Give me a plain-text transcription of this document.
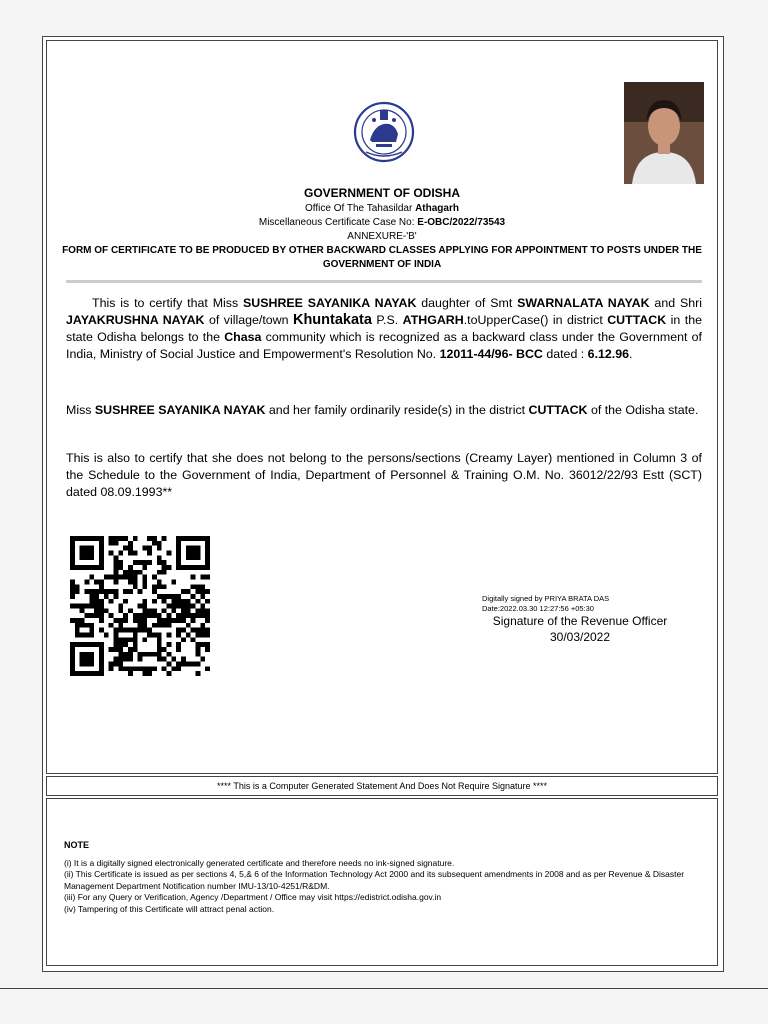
**** This is a Computer Generated Statement And Does Not Require Signature ****
GOVERNMENT OF ODISHA
Office Of The Tahasildar Athagarh
Miscellaneous Certificate Case No: E-OBC/2022/73543
ANNEXURE-'B'
FORM OF CERTIFICATE TO BE PRODUCED BY OTHER BACKWARD CLASSES APPLYING FOR APPOINTMENT TO POSTS UNDER THE GOVERNMENT OF INDIA
This is to certify that Miss SUSHREE SAYANIKA NAYAK daughter of Smt SWARNALATA NAYAK and Shri JAYAKRUSHNA NAYAK of village/town Khuntakata P.S. ATHGARH.toUpperCase() in district CUTTACK in the state Odisha belongs to the Chasa community which is recognized as a backward class under the Government of India, Ministry of Social Justice and Empowerment's Resolution No. 12011-44/96- BCC dated : 6.12.96.
Miss SUSHREE SAYANIKA NAYAK and her family ordinarily reside(s) in the district CUTTACK of the Odisha state.
This is also to certify that she does not belong to the persons/sections (Creamy Layer) mentioned in Column 3 of the Schedule to the Government of India, Department of Personnel & Training O.M. No. 36012/22/93 Estt (SCT) dated 08.09.1993**
Digitally signed by PRIYA BRATA DAS
Date:2022.03.30 12:27:56 +05:30
Signature of the Revenue Officer
30/03/2022
NOTE
(i) It is a digitally signed electronically generated certificate and therefore needs no ink-signed signature.
(ii) This Certificate is issued as per sections 4, 5,& 6 of the Information Technology Act 2000 and its subsequent amendments in 2008 and as per Revenue & Disaster Management Department Notification number IMU-13/10-4251/R&DM.
(iii) For any Query or Verification, Agency /Department / Office may visit https://edistrict.odisha.gov.in
(iv) Tampering of this Certificate will attract penal action.
